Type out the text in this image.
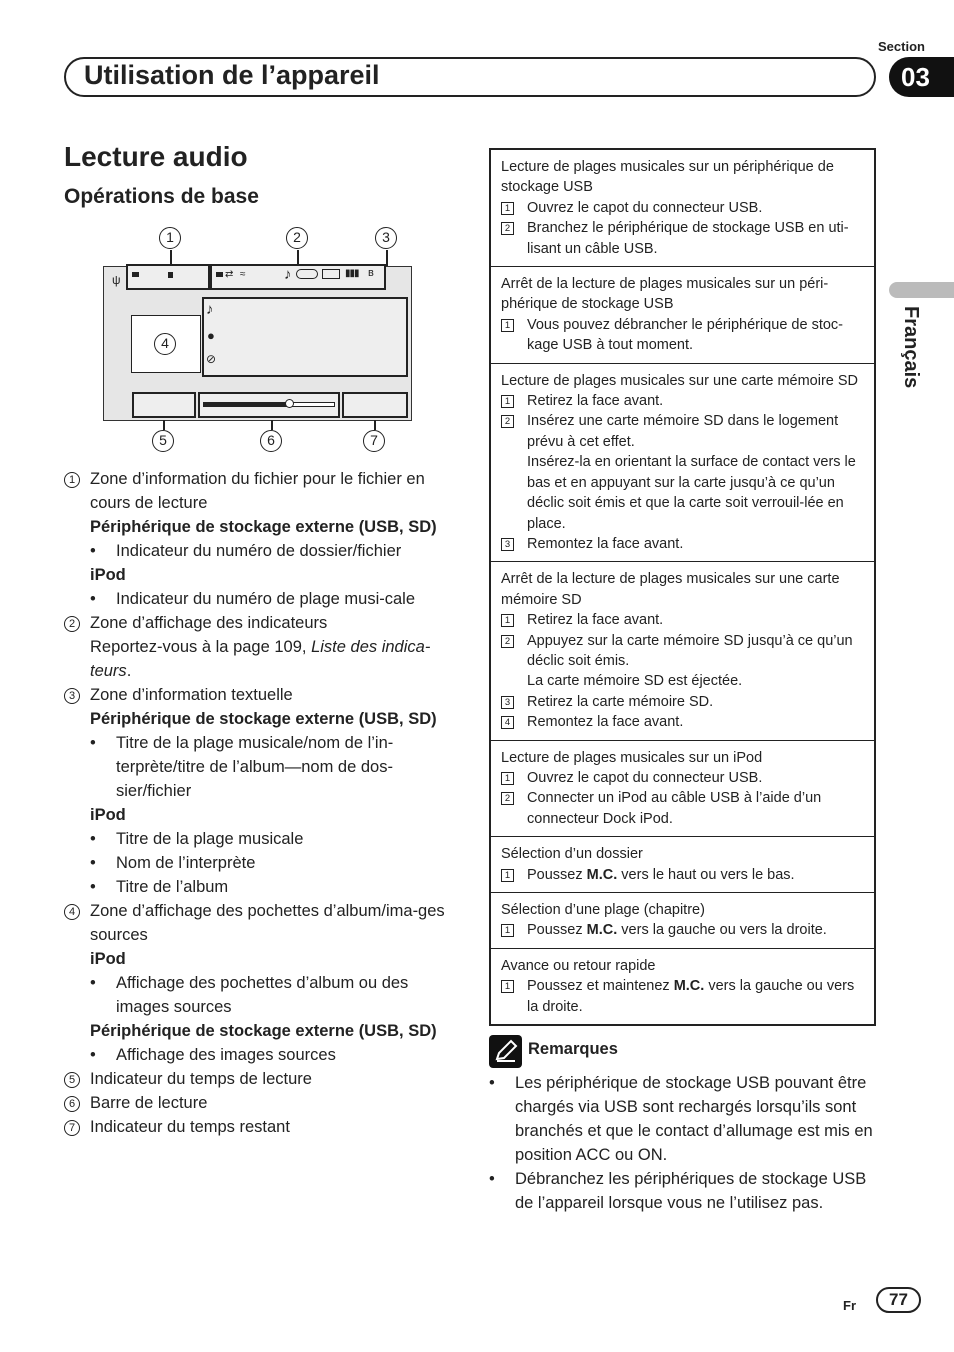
Section
Utilisation de l’appareil	03
Français
Lecture audio
Opérations de base
1	2	3
ψ	⇄ ≈	♪	▮▮▮ ʙ
4
♪
●
⊘
5	6	7
1 Zone d’information du fichier pour le fichier en cours de lecture
Périphérique de stockage externe (USB, SD)
•	Indicateur du numéro de dossier/fichier
iPod
•	Indicateur du numéro de plage musi-cale
2 Zone d’affichage des indicateurs
Reportez-vous à la page 109, Liste des indica-teurs.
3 Zone d’information textuelle
Périphérique de stockage externe (USB, SD)
•	Titre de la plage musicale/nom de l’in-terprète/titre de l’album—nom de dos-sier/fichier
iPod
•	Titre de la plage musicale
•	Nom de l’interprète
•	Titre de l’album
4 Zone d’affichage des pochettes d’album/ima-ges sources
iPod
•	Affichage des pochettes d’album ou des images sources
Périphérique de stockage externe (USB, SD)
•	Affichage des images sources
5 Indicateur du temps de lecture
6 Barre de lecture
7 Indicateur du temps restant
Lecture de plages musicales sur un périphérique de stockage USB
1	Ouvrez le capot du connecteur USB.
2	Branchez le périphérique de stockage USB en uti-lisant un câble USB.
Arrêt de la lecture de plages musicales sur un péri-phérique de stockage USB
1	Vous pouvez débrancher le périphérique de stoc-kage USB à tout moment.
Lecture de plages musicales sur une carte mémoire SD
1	Retirez la face avant.
2	Insérez une carte mémoire SD dans le logement prévu à cet effet.
Insérez-la en orientant la surface de contact vers le bas et en appuyant sur la carte jusqu’à ce qu’un déclic soit émis et que la carte soit verrouil-lée en place.
3	Remontez la face avant.
Arrêt de la lecture de plages musicales sur une carte mémoire SD
1	Retirez la face avant.
2	Appuyez sur la carte mémoire SD jusqu’à ce qu’un déclic soit émis.
La carte mémoire SD est éjectée.
3	Retirez la carte mémoire SD.
4	Remontez la face avant.
Lecture de plages musicales sur un iPod
1	Ouvrez le capot du connecteur USB.
2	Connecter un iPod au câble USB à l’aide d’un connecteur Dock iPod.
Sélection d’un dossier
1	Poussez M.C. vers le haut ou vers le bas.
Sélection d’une plage (chapitre)
1	Poussez M.C. vers la gauche ou vers la droite.
Avance ou retour rapide
1	Poussez et maintenez M.C. vers la gauche ou vers la droite.
Remarques
•	Les périphérique de stockage USB pouvant être chargés via USB sont rechargés lorsqu’ils sont branchés et que le contact d’allumage est mis en position ACC ou ON.
•	Débranchez les périphériques de stockage USB de l’appareil lorsque vous ne l’utilisez pas.
Fr	77
